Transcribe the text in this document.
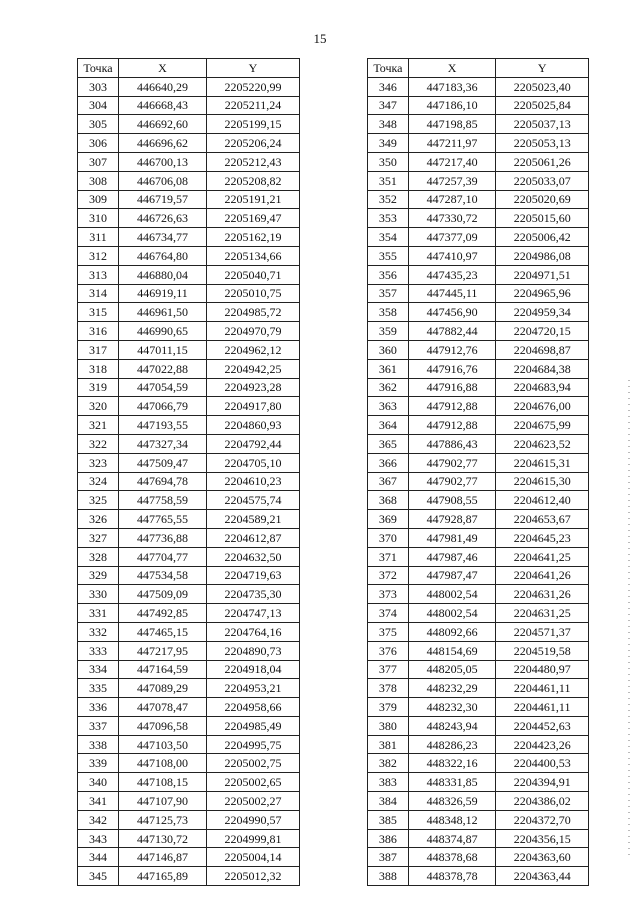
15
Точка	X	Y
303	446640,29	2205220,99
304	446668,43	2205211,24
305	446692,60	2205199,15
306	446696,62	2205206,24
307	446700,13	2205212,43
308	446706,08	2205208,82
309	446719,57	2205191,21
310	446726,63	2205169,47
311	446734,77	2205162,19
312	446764,80	2205134,66
313	446880,04	2205040,71
314	446919,11	2205010,75
315	446961,50	2204985,72
316	446990,65	2204970,79
317	447011,15	2204962,12
318	447022,88	2204942,25
319	447054,59	2204923,28
320	447066,79	2204917,80
321	447193,55	2204860,93
322	447327,34	2204792,44
323	447509,47	2204705,10
324	447694,78	2204610,23
325	447758,59	2204575,74
326	447765,55	2204589,21
327	447736,88	2204612,87
328	447704,77	2204632,50
329	447534,58	2204719,63
330	447509,09	2204735,30
331	447492,85	2204747,13
332	447465,15	2204764,16
333	447217,95	2204890,73
334	447164,59	2204918,04
335	447089,29	2204953,21
336	447078,47	2204958,66
337	447096,58	2204985,49
338	447103,50	2204995,75
339	447108,00	2205002,75
340	447108,15	2205002,65
341	447107,90	2205002,27
342	447125,73	2204990,57
343	447130,72	2204999,81
344	447146,87	2205004,14
345	447165,89	2205012,32
Точка	X	Y
346	447183,36	2205023,40
347	447186,10	2205025,84
348	447198,85	2205037,13
349	447211,97	2205053,13
350	447217,40	2205061,26
351	447257,39	2205033,07
352	447287,10	2205020,69
353	447330,72	2205015,60
354	447377,09	2205006,42
355	447410,97	2204986,08
356	447435,23	2204971,51
357	447445,11	2204965,96
358	447456,90	2204959,34
359	447882,44	2204720,15
360	447912,76	2204698,87
361	447916,76	2204684,38
362	447916,88	2204683,94
363	447912,88	2204676,00
364	447912,88	2204675,99
365	447886,43	2204623,52
366	447902,77	2204615,31
367	447902,77	2204615,30
368	447908,55	2204612,40
369	447928,87	2204653,67
370	447981,49	2204645,23
371	447987,46	2204641,25
372	447987,47	2204641,26
373	448002,54	2204631,26
374	448002,54	2204631,25
375	448092,66	2204571,37
376	448154,69	2204519,58
377	448205,05	2204480,97
378	448232,29	2204461,11
379	448232,30	2204461,11
380	448243,94	2204452,63
381	448286,23	2204423,26
382	448322,16	2204400,53
383	448331,85	2204394,91
384	448326,59	2204386,02
385	448348,12	2204372,70
386	448374,87	2204356,15
387	448378,68	2204363,60
388	448378,78	2204363,44
